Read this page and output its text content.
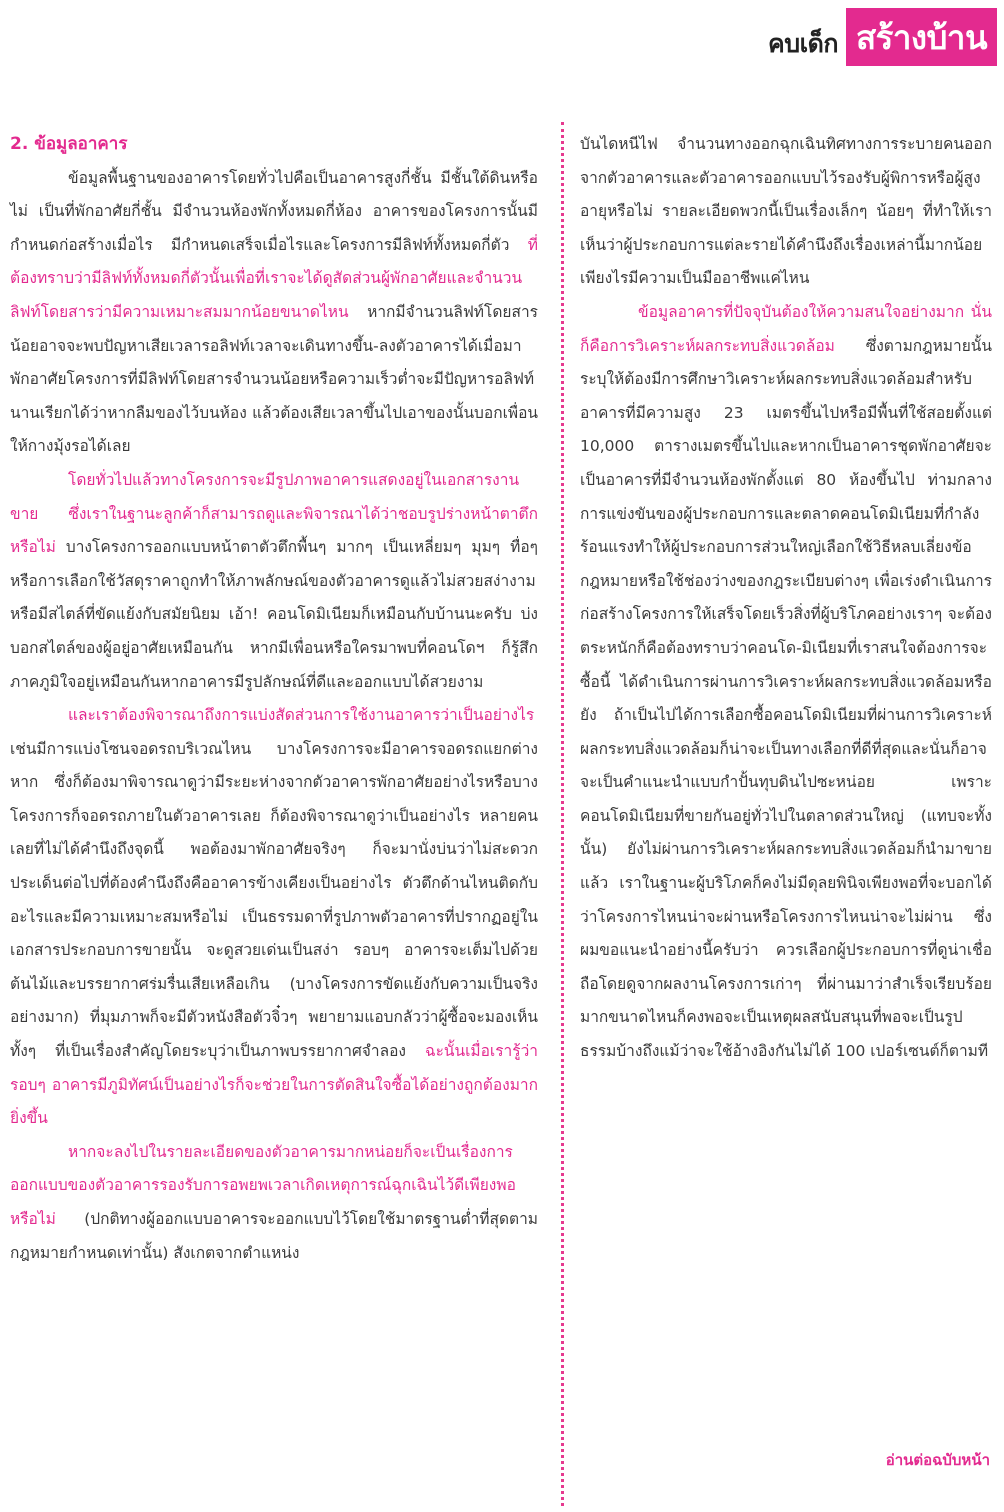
คบเด็ก สร้างบ้าน
2. ข้อมูลอาคาร

ข้อมูลพื้นฐานของอาคารโดยทั่วไปคือเป็นอาคารสูงกี่ชั้น มีชั้นใต้ดินหรือไม่ เป็นที่พักอาศัยกี่ชั้น มีจำนวนห้องพักทั้งหมดกี่ห้อง อาคารของโครงการนั้นมีกำหนดก่อสร้างเมื่อไร มีกำหนดเสร็จเมื่อไรและโครงการมีลิฟท์ทั้งหมดกี่ตัว ที่ต้องทราบว่ามีลิฟท์ทั้งหมดกี่ตัวนั้นเพื่อที่เราจะได้ดูสัดส่วนผู้พักอาศัยและจำนวนลิฟท์โดยสารว่ามีความเหมาะสมมากน้อยขนาดไหน หากมีจำนวนลิฟท์โดยสารน้อยอาจจะพบปัญหาเสียเวลารอลิฟท์เวลาจะเดินทางขึ้น-ลงตัวอาคารได้เมื่อมาพักอาศัยโครงการที่มีลิฟท์โดยสารจำนวนน้อยหรือความเร็วต่ำจะมีปัญหารอลิฟท์นานเรียกได้ว่าหากลืมของไว้บนห้อง แล้วต้องเสียเวลาขึ้นไปเอาของนั้นบอกเพื่อนให้กางมุ้งรอได้เลย

โดยทั่วไปแล้วทางโครงการจะมีรูปภาพอาคารแสดงอยู่ในเอกสารงานขาย ซึ่งเราในฐานะลูกค้าก็สามารถดูและพิจารณาได้ว่าชอบรูปร่างหน้าตาตึกหรือไม่ บางโครงการออกแบบหน้าตาตัวตึกพื้นๆ มากๆ เป็นเหลี่ยมๆ มุมๆ ทื่อๆ หรือการเลือกใช้วัสดุราคาถูกทำให้ภาพลักษณ์ของตัวอาคารดูแล้วไม่สวยสง่างามหรือมีสไตล์ที่ขัดแย้งกับสมัยนิยม เอ้า! คอนโดมิเนียมก็เหมือนกับบ้านนะครับ บ่งบอกสไตล์ของผู้อยู่อาศัยเหมือนกัน หากมีเพื่อนหรือใครมาพบที่คอนโดฯ ก็รู้สึกภาคภูมิใจอยู่เหมือนกันหากอาคารมีรูปลักษณ์ที่ดีและออกแบบได้สวยงาม

และเราต้องพิจารณาถึงการแบ่งสัดส่วนการใช้งานอาคารว่าเป็นอย่างไร เช่นมีการแบ่งโซนจอดรถบริเวณไหน บางโครงการจะมีอาคารจอดรถแยกต่างหาก ซึ่งก็ต้องมาพิจารณาดูว่ามีระยะห่างจากตัวอาคารพักอาศัยอย่างไรหรือบางโครงการก็จอดรถภายในตัวอาคารเลย ก็ต้องพิจารณาดูว่าเป็นอย่างไร หลายคนเลยที่ไม่ได้คำนึงถึงจุดนี้ พอต้องมาพักอาศัยจริงๆ ก็จะมานั่งบ่นว่าไม่สะดวก ประเด็นต่อไปที่ต้องคำนึงถึงคืออาคารข้างเคียงเป็นอย่างไร ตัวตึกด้านไหนติดกับอะไรและมีความเหมาะสมหรือไม่ เป็นธรรมดาที่รูปภาพตัวอาคารที่ปรากฏอยู่ในเอกสารประกอบการขายนั้น จะดูสวยเด่นเป็นสง่า รอบๆ อาคารจะเต็มไปด้วยต้นไม้และบรรยากาศร่มรื่นเสียเหลือเกิน (บางโครงการขัดแย้งกับความเป็นจริงอย่างมาก) ที่มุมภาพก็จะมีตัวหนังสือตัวจิ๋วๆ พยายามแอบกลัวว่าผู้ซื้อจะมองเห็นทั้งๆ ที่เป็นเรื่องสำคัญโดยระบุว่าเป็นภาพบรรยากาศจำลอง ฉะนั้นเมื่อเรารู้ว่ารอบๆ อาคารมีภูมิทัศน์เป็นอย่างไรก็จะช่วยในการตัดสินใจซื้อได้อย่างถูกต้องมากยิ่งขึ้น

หากจะลงไปในรายละเอียดของตัวอาคารมากหน่อยก็จะเป็นเรื่องการออกแบบของตัวอาคารรองรับการอพยพเวลาเกิดเหตุการณ์ฉุกเฉินไว้ดีเพียงพอหรือไม่ (ปกติทางผู้ออกแบบอาคารจะออกแบบไว้โดยใช้มาตรฐานต่ำที่สุดตามกฎหมายกำหนดเท่านั้น) สังเกตจากตำแหน่ง

บันไดหนีไฟ จำนวนทางออกฉุกเฉินทิศทางการระบายคนออกจากตัวอาคารและตัวอาคารออกแบบไว้รองรับผู้พิการหรือผู้สูงอายุหรือไม่ รายละเอียดพวกนี้เป็นเรื่องเล็กๆ น้อยๆ ที่ทำให้เราเห็นว่าผู้ประกอบการแต่ละรายได้คำนึงถึงเรื่องเหล่านี้มากน้อยเพียงไรมีความเป็นมืออาชีพแค่ไหน

ข้อมูลอาคารที่ปัจจุบันต้องให้ความสนใจอย่างมาก นั่นก็คือการวิเคราะห์ผลกระทบสิ่งแวดล้อม ซึ่งตามกฎหมายนั้นระบุให้ต้องมีการศึกษาวิเคราะห์ผลกระทบสิ่งแวดล้อมสำหรับอาคารที่มีความสูง 23 เมตรขึ้นไปหรือมีพื้นที่ใช้สอยตั้งแต่ 10,000 ตารางเมตรขึ้นไปและหากเป็นอาคารชุดพักอาศัยจะเป็นอาคารที่มีจำนวนห้องพักตั้งแต่ 80 ห้องขึ้นไป ท่ามกลางการแข่งขันของผู้ประกอบการและตลาดคอนโดมิเนียมที่กำลังร้อนแรงทำให้ผู้ประกอบการส่วนใหญ่เลือกใช้วิธีหลบเลี่ยงข้อกฎหมายหรือใช้ช่องว่างของกฎระเบียบต่างๆ เพื่อเร่งดำเนินการก่อสร้างโครงการให้เสร็จโดยเร็วสิ่งที่ผู้บริโภคอย่างเราๆ จะต้องตระหนักก็คือต้องทราบว่าคอนโด-มิเนียมที่เราสนใจต้องการจะซื้อนี้ ได้ดำเนินการผ่านการวิเคราะห์ผลกระทบสิ่งแวดล้อมหรือยัง ถ้าเป็นไปได้การเลือกซื้อคอนโดมิเนียมที่ผ่านการวิเคราะห์ผลกระทบสิ่งแวดล้อมก็น่าจะเป็นทางเลือกที่ดีที่สุดและนั่นก็อาจจะเป็นคำแนะนำแบบกำปั้นทุบดินไปซะหน่อย เพราะคอนโดมิเนียมที่ขายกันอยู่ทั่วไปในตลาดส่วนใหญ่ (แทบจะทั้งนั้น) ยังไม่ผ่านการวิเคราะห์ผลกระทบสิ่งแวดล้อมก็นำมาขายแล้ว เราในฐานะผู้บริโภคก็คงไม่มีดุลยพินิจเพียงพอที่จะบอกได้ว่าโครงการไหนน่าจะผ่านหรือโครงการไหนน่าจะไม่ผ่าน ซึ่งผมขอแนะนำอย่างนี้ครับว่า ควรเลือกผู้ประกอบการที่ดูน่าเชื่อถือโดยดูจากผลงานโครงการเก่าๆ ที่ผ่านมาว่าสำเร็จเรียบร้อยมากขนาดไหนก็คงพอจะเป็นเหตุผลสนับสนุนที่พอจะเป็นรูปธรรมบ้างถึงแม้ว่าจะใช้อ้างอิงกันไม่ได้ 100 เปอร์เซนต์ก็ตามที

อ่านต่อฉบับหน้า
